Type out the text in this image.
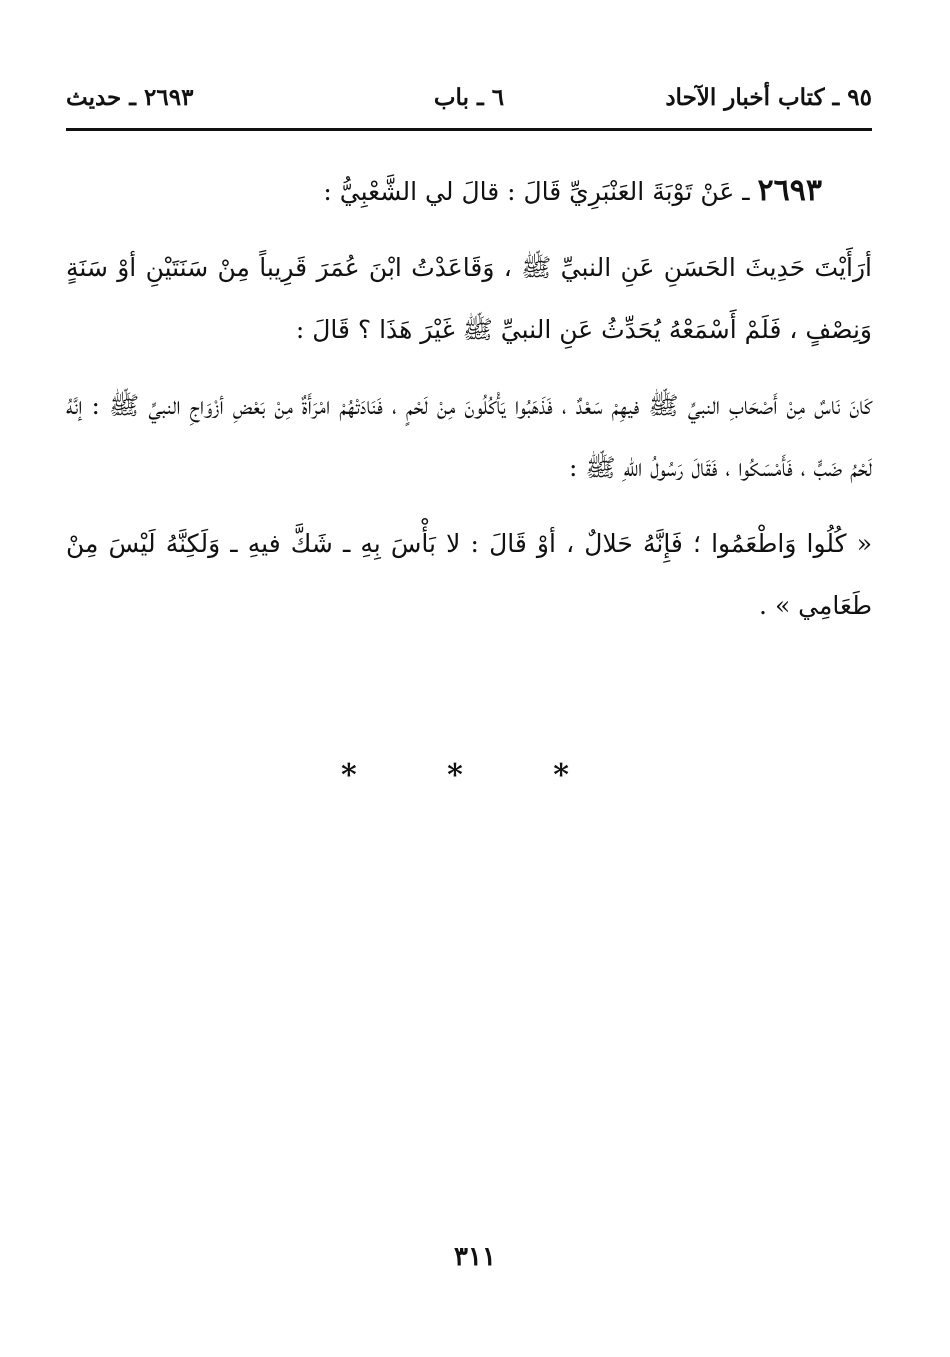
٩٥ ـ كتاب أخبار الآحاد
٦ ـ باب
٢٦٩٣ ـ حديث

٢٦٩٣ ـ عَنْ تَوْبَةَ العَنْبَرِيِّ قَالَ : قالَ لي الشَّعْبِيُّ :

أرَأَيْتَ حَدِيثَ الحَسَنِ عَنِ النبيِّ ﷺ ، وَقَاعَدْتُ ابْنَ عُمَرَ قَرِيباً مِنْ سَنَتَيْنِ أوْ سَنَةٍ وَنِصْفٍ ، فَلَمْ أَسْمَعْهُ يُحَدِّثُ عَنِ النبيِّ ﷺ غَيْرَ هَذَا ؟ قَالَ :

كَانَ نَاسٌ مِنْ أَصْحَابِ النبيِّ ﷺ فيهِمْ سَعْدٌ ، فَذَهَبُوا يَأْكُلُونَ مِنْ لَحْمٍ ، فَنَادَتْهُمْ امْرَأَةٌ مِنْ بَعْضِ أزْوَاجِ النبيِّ ﷺ : إنَّهُ لَحْمُ ضَبٍّ ، فَأَمْسَكُوا ، فَقَالَ رَسُولُ اللهِ ﷺ :

« كُلُوا وَاطْعَمُوا ؛ فَإِنَّهُ حَلالٌ ، أوْ قَالَ : لا بَأْسَ بِهِ ـ شَكَّ فيهِ ـ وَلَكِنَّهُ لَيْسَ مِنْ طَعَامِي » .

* * *
٣١١
